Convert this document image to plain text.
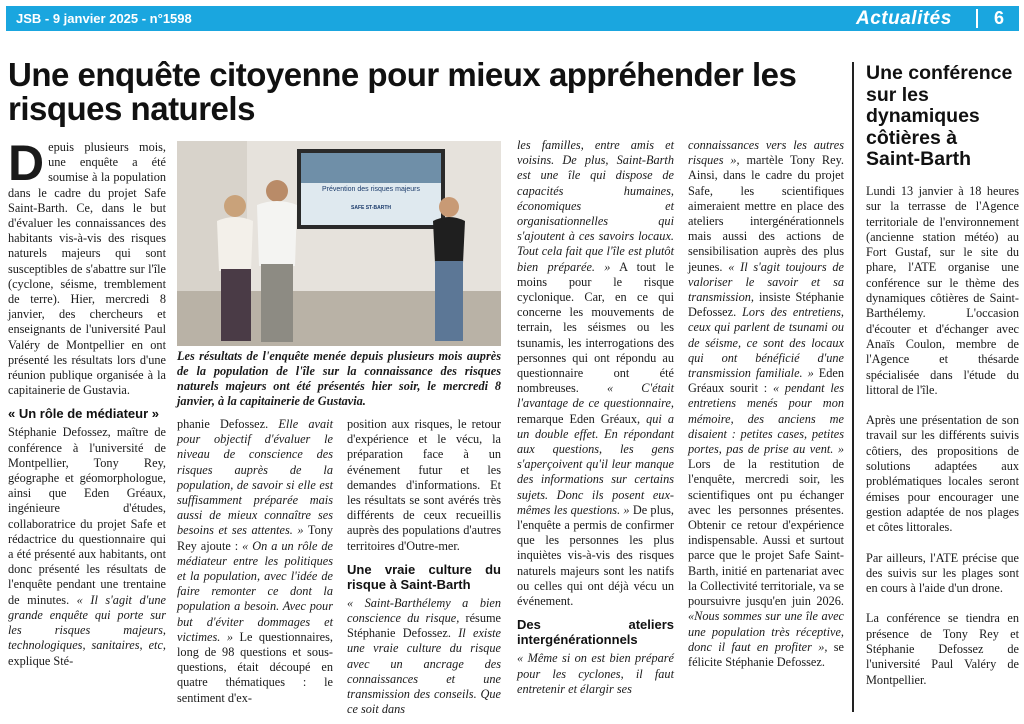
JSB - 9 janvier 2025 - n°1598	Actualités 6
Une enquête citoyenne pour mieux appréhender les risques naturels

Depuis plusieurs mois, une enquête a été soumise à la population dans le cadre du projet Safe Saint-Barth. Ce, dans le but d'évaluer les connaissances des habitants vis-à-vis des risques naturels majeurs qui sont susceptibles de s'abattre sur l'île (cyclone, séisme, tremblement de terre). Hier, mercredi 8 janvier, des chercheurs et enseignants de l'université Paul Valéry de Montpellier en ont présenté les résultats lors d'une réunion publique organisée à la capitainerie de Gustavia.

« Un rôle de médiateur »

Stéphanie Defossez, maître de conférence à l'université de Montpellier, Tony Rey, géographe et géomorphologue, ainsi que Eden Gréaux, ingénieure d'études, collaboratrice du projet Safe et rédactrice du questionnaire qui a été présenté aux habitants, ont donc présenté les résultats de l'enquête pendant une trentaine de minutes. « Il s'agit d'une grande enquête qui porte sur les risques majeurs, technologiques, sanitaires, etc, explique Sté-

Prévention des risques majeurs
SAFE ST-BARTH
Les résultats de l'enquête menée depuis plusieurs mois auprès de la population de l'île sur la connaissance des risques naturels majeurs ont été présentés hier soir, le mercredi 8 janvier, à la capitainerie de Gustavia.

phanie Defossez. Elle avait pour objectif d'évaluer le niveau de conscience des risques auprès de la population, de savoir si elle est suffisamment préparée mais aussi de mieux connaître ses besoins et ses attentes. » Tony Rey ajoute : « On a un rôle de médiateur entre les politiques et la population, avec l'idée de faire remonter ce dont la population a besoin. Avec pour but d'éviter dommages et victimes. » Le questionnaires, long de 98 questions et sous-questions, était découpé en quatre thématiques : le sentiment d'ex-

position aux risques, le retour d'expérience et le vécu, la préparation face à un événement futur et les demandes d'informations. Et les résultats se sont avérés très différents de ceux recueillis auprès des populations d'autres territoires d'Outre-mer.

Une vraie culture du risque à Saint-Barth

« Saint-Barthélemy a bien conscience du risque, résume Stéphanie Defossez. Il existe une vraie culture du risque avec un ancrage des connaissances et une transmission des conseils. Que ce soit dans

les familles, entre amis et voisins. De plus, Saint-Barth est une île qui dispose de capacités humaines, économiques et organisationnelles qui s'ajoutent à ces savoirs locaux. Tout cela fait que l'île est plutôt bien préparée. » A tout le moins pour le risque cyclonique. Car, en ce qui concerne les mouvements de terrain, les séismes ou les tsunamis, les interrogations des personnes qui ont répondu au questionnaire ont été nombreuses. « C'était l'avantage de ce questionnaire, remarque Eden Gréaux, qui a un double effet. En répondant aux questions, les gens s'aperçoivent qu'il leur manque des informations sur certains sujets. Donc ils posent eux-mêmes les questions. » De plus, l'enquête a permis de confirmer que les personnes les plus inquiètes vis-à-vis des risques naturels majeurs sont les natifs ou celles qui ont déjà vécu un événement.

Des ateliers intergénérationnels

« Même si on est bien préparé pour les cyclones, il faut entretenir et élargir ses

connaissances vers les autres risques », martèle Tony Rey. Ainsi, dans le cadre du projet Safe, les scientifiques aimeraient mettre en place des ateliers intergénérationnels mais aussi des actions de sensibilisation auprès des plus jeunes. « Il s'agit toujours de valoriser le savoir et sa transmission, insiste Stéphanie Defossez. Lors des entretiens, ceux qui parlent de tsunami ou de séisme, ce sont des locaux qui ont bénéficié d'une transmission familiale. » Eden Gréaux sourit : « pendant les entretiens menés pour mon mémoire, des anciens me disaient : petites cases, petites portes, pas de prise au vent. » Lors de la restitution de l'enquête, mercredi soir, les scientifiques ont pu échanger avec les personnes présentes. Obtenir ce retour d'expérience indispensable. Aussi et surtout parce que le projet Safe Saint-Barth, initié en partenariat avec la Collectivité territoriale, va se poursuivre jusqu'en juin 2026. «Nous sommes sur une île avec une population très réceptive, donc il faut en profiter », se félicite Stéphanie Defossez.

Une conférence sur les dynamiques côtières à Saint-Barth

Lundi 13 janvier à 18 heures sur la terrasse de l'Agence territoriale de l'environnement (ancienne station météo) au Fort Gustaf, sur le site du phare, l'ATE organise une conférence sur le thème des dynamiques côtières de Saint-Barthélemy. L'occasion d'écouter et d'échanger avec Anaïs Coulon, membre de l'Agence et thésarde spécialisée dans l'étude du littoral de l'île.

Après une présentation de son travail sur les différents suivis côtiers, des propositions de solutions adaptées aux problématiques locales seront émises pour encourager une gestion adaptée de nos plages et côtes littorales.

Par ailleurs, l'ATE précise que des suivis sur les plages sont en cours à l'aide d'un drone.

La conférence se tiendra en présence de Tony Rey et Stéphanie Defossez de l'université Paul Valéry de Montpellier.
